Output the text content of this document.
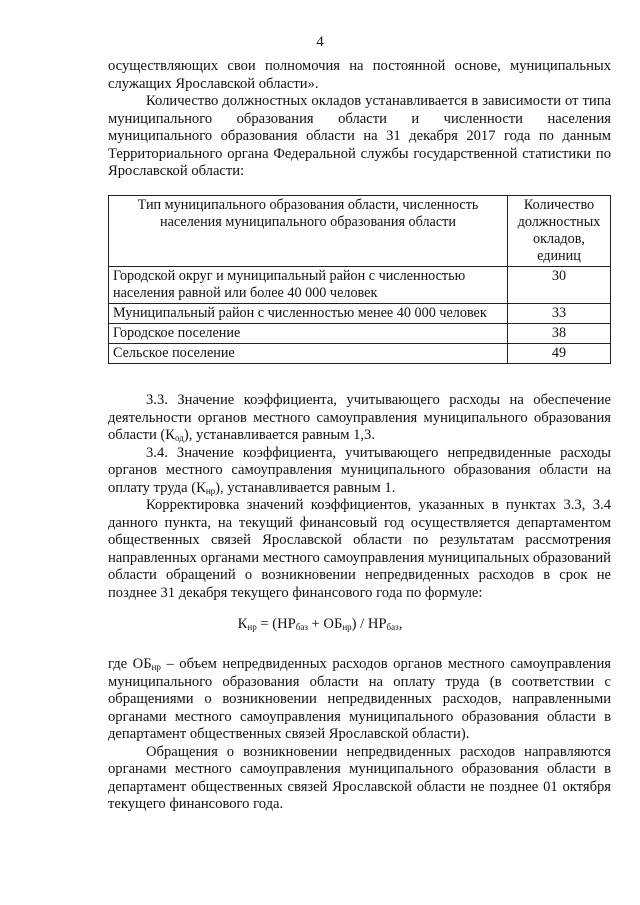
4

осуществляющих свои полномочия на постоянной основе, муниципальных служащих Ярославской области».

Количество должностных окладов устанавливается в зависимости от типа муниципального образования области и численности населения муниципального образования области на 31 декабря 2017 года по данным Территориального органа Федеральной службы государственной статистики по Ярославской области:

Тип муниципального образования области, численность населения муниципального образования области	Количество должностных окладов, единиц
Городской округ и муниципальный район с численностью населения равной или более 40 000 человек	30
Муниципальный район с численностью менее 40 000 человек	33
Городское поселение	38
Сельское поселение	49

3.3. Значение коэффициента, учитывающего расходы на обеспечение деятельности органов местного самоуправления муниципального образования области $(К_{од})$, устанавливается равным 1,3.

3.4. Значение коэффициента, учитывающего непредвиденные расходы органов местного самоуправления муниципального образования области на оплату труда $(К_{нр})$, устанавливается равным 1.

Корректировка значений коэффициентов, указанных в пунктах 3.3, 3.4 данного пункта, на текущий финансовый год осуществляется департаментом общественных связей Ярославской области по результатам рассмотрения направленных органами местного самоуправления муниципальных образований области обращений о возникновении непредвиденных расходов в срок не позднее 31 декабря текущего финансового года по формуле:

$К_{нр} = (НР_{баз} + ОБ_{нр}) / НР_{баз}$,

где $ОБ_{нр}$ – объем непредвиденных расходов органов местного самоуправления муниципального образования области на оплату труда (в соответствии с обращениями о возникновении непредвиденных расходов, направленными органами местного самоуправления муниципального образования области в департамент общественных связей Ярославской области).

Обращения о возникновении непредвиденных расходов направляются органами местного самоуправления муниципального образования области в департамент общественных связей Ярославской области не позднее 01 октября текущего финансового года.
